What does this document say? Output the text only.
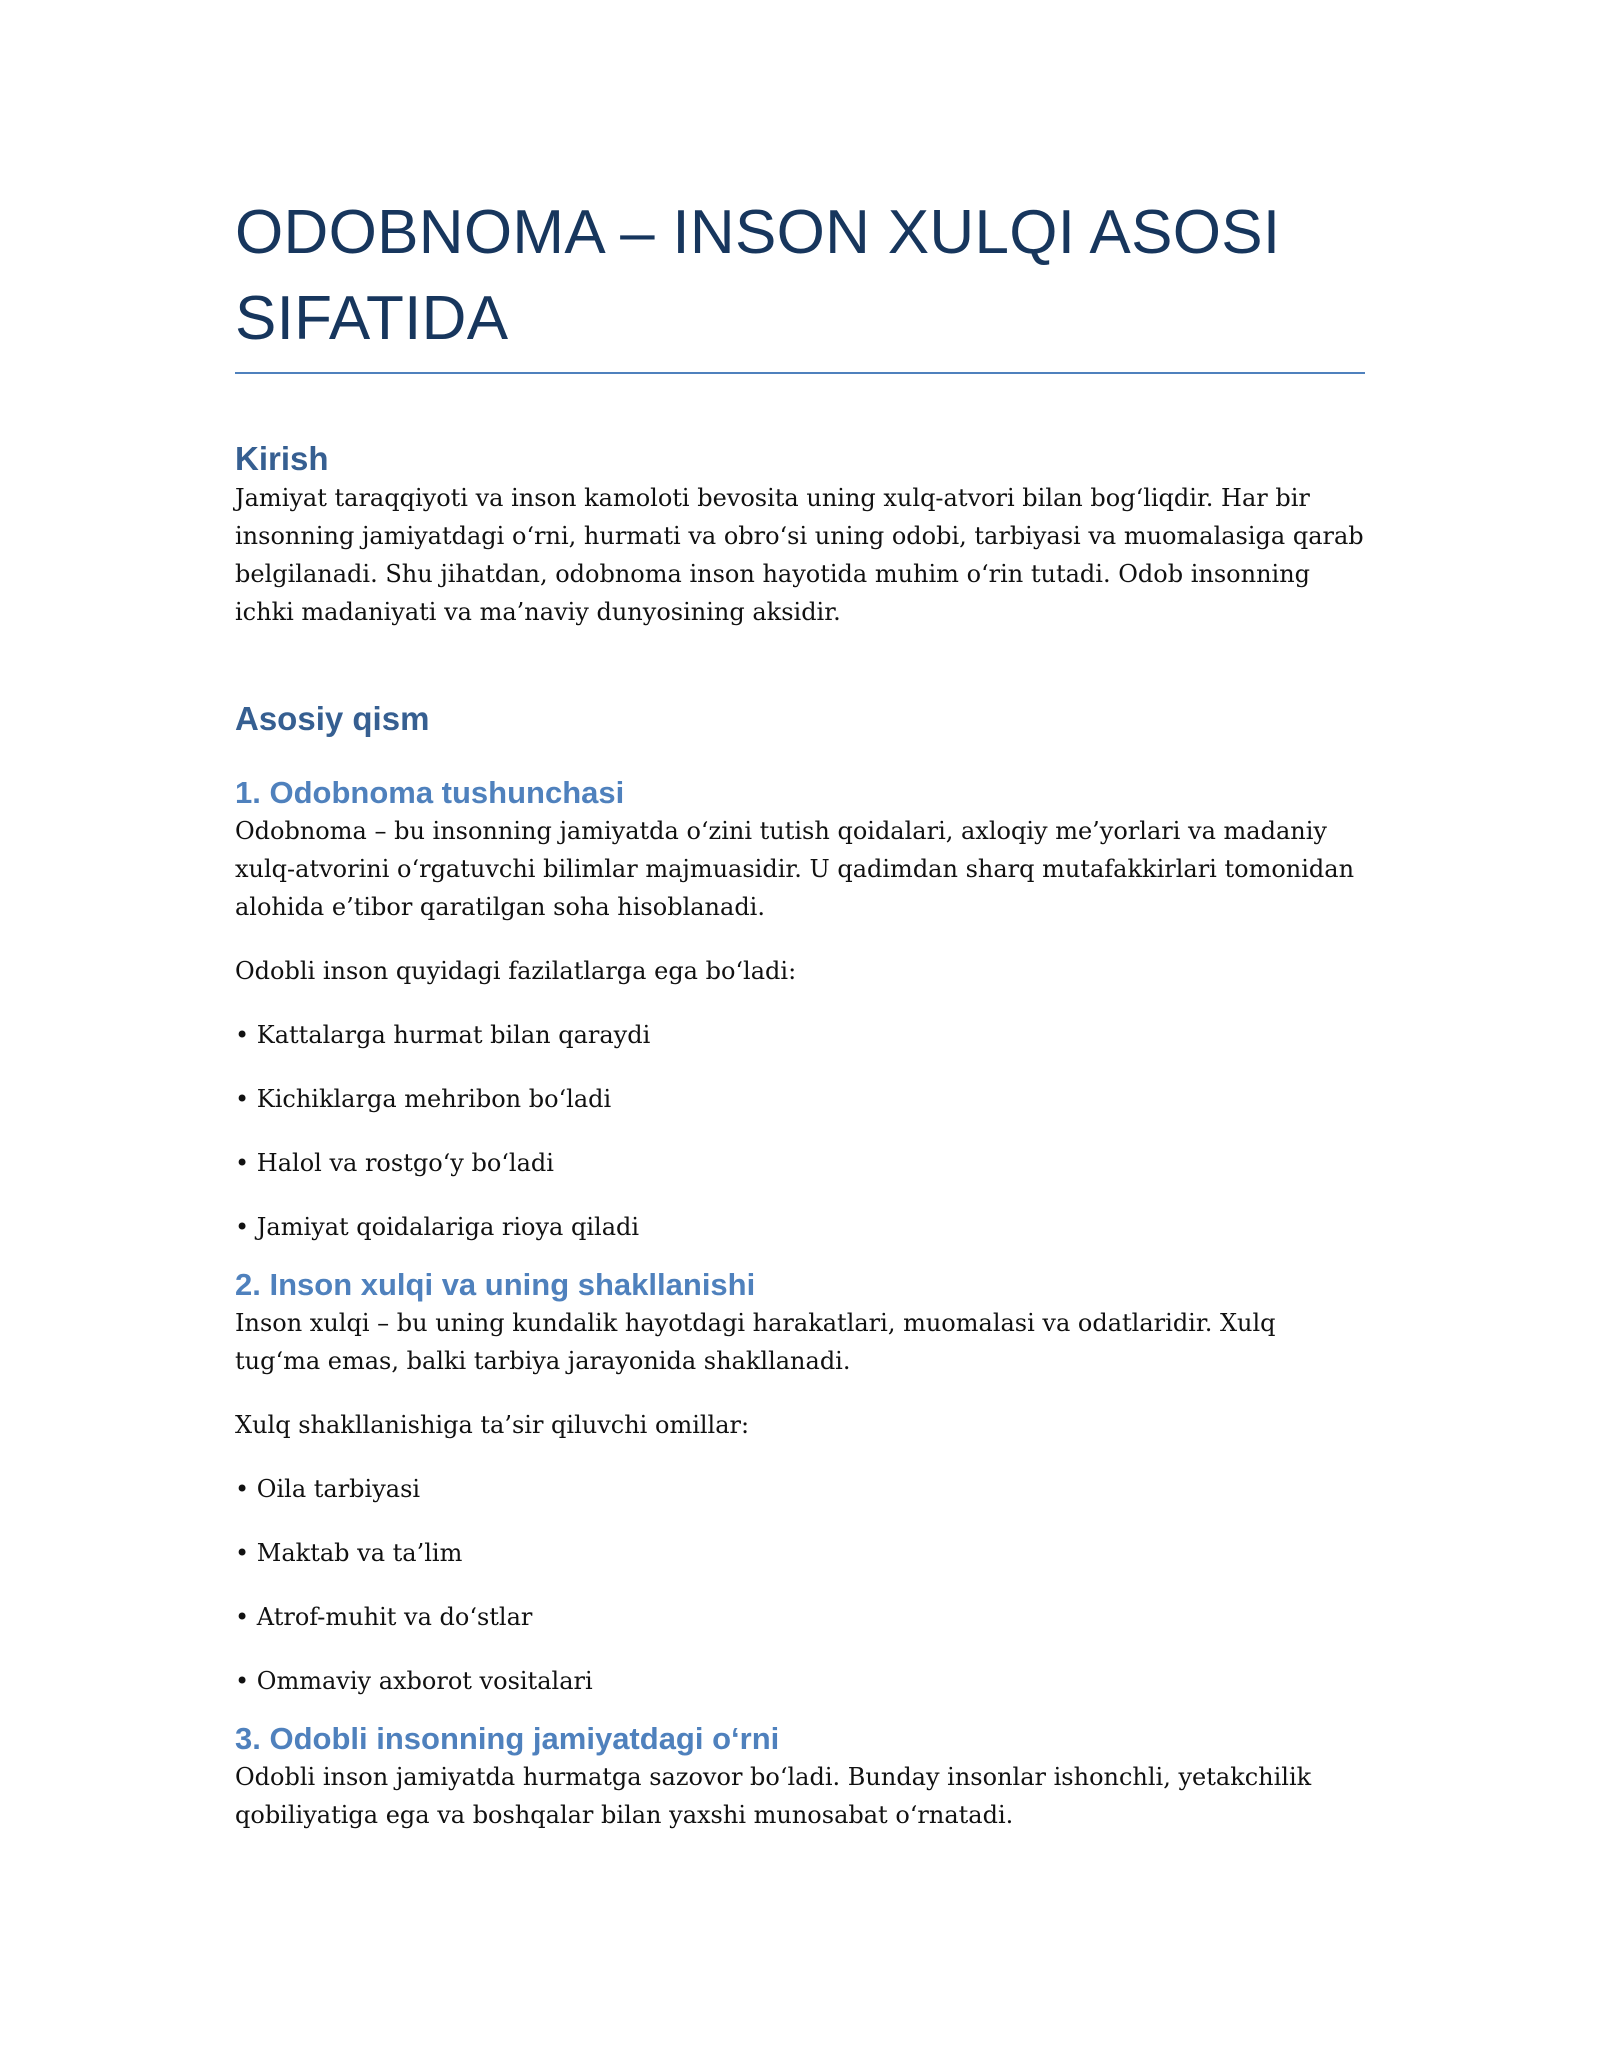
ODOBNOMA – INSON XULQI ASOSI
SIFATIDA
Kirish

Jamiyat taraqqiyoti va inson kamoloti bevosita uning xulq-atvori bilan bog‘liqdir. Har bir insonning jamiyatdagi o‘rni, hurmati va obro‘si uning odobi, tarbiyasi va muomalasiga qarab belgilanadi. Shu jihatdan, odobnoma inson hayotida muhim o‘rin tutadi. Odob insonning ichki madaniyati va ma’naviy dunyosining aksidir.

Asosiy qism
1. Odobnoma tushunchasi

Odobnoma – bu insonning jamiyatda o‘zini tutish qoidalari, axloqiy me’yorlari va madaniy xulq-atvorini o‘rgatuvchi bilimlar majmuasidir. U qadimdan sharq mutafakkirlari tomonidan alohida e’tibor qaratilgan soha hisoblanadi.

Odobli inson quyidagi fazilatlarga ega bo‘ladi:

• Kattalarga hurmat bilan qaraydi

• Kichiklarga mehribon bo‘ladi

• Halol va rostgo‘y bo‘ladi

• Jamiyat qoidalariga rioya qiladi

2. Inson xulqi va uning shakllanishi

Inson xulqi – bu uning kundalik hayotdagi harakatlari, muomalasi va odatlaridir. Xulq tug‘ma emas, balki tarbiya jarayonida shakllanadi.

Xulq shakllanishiga ta’sir qiluvchi omillar:

• Oila tarbiyasi

• Maktab va ta’lim

• Atrof-muhit va do‘stlar

• Ommaviy axborot vositalari

3. Odobli insonning jamiyatdagi o‘rni

Odobli inson jamiyatda hurmatga sazovor bo‘ladi. Bunday insonlar ishonchli, yetakchilik qobiliyatiga ega va boshqalar bilan yaxshi munosabat o‘rnatadi.
